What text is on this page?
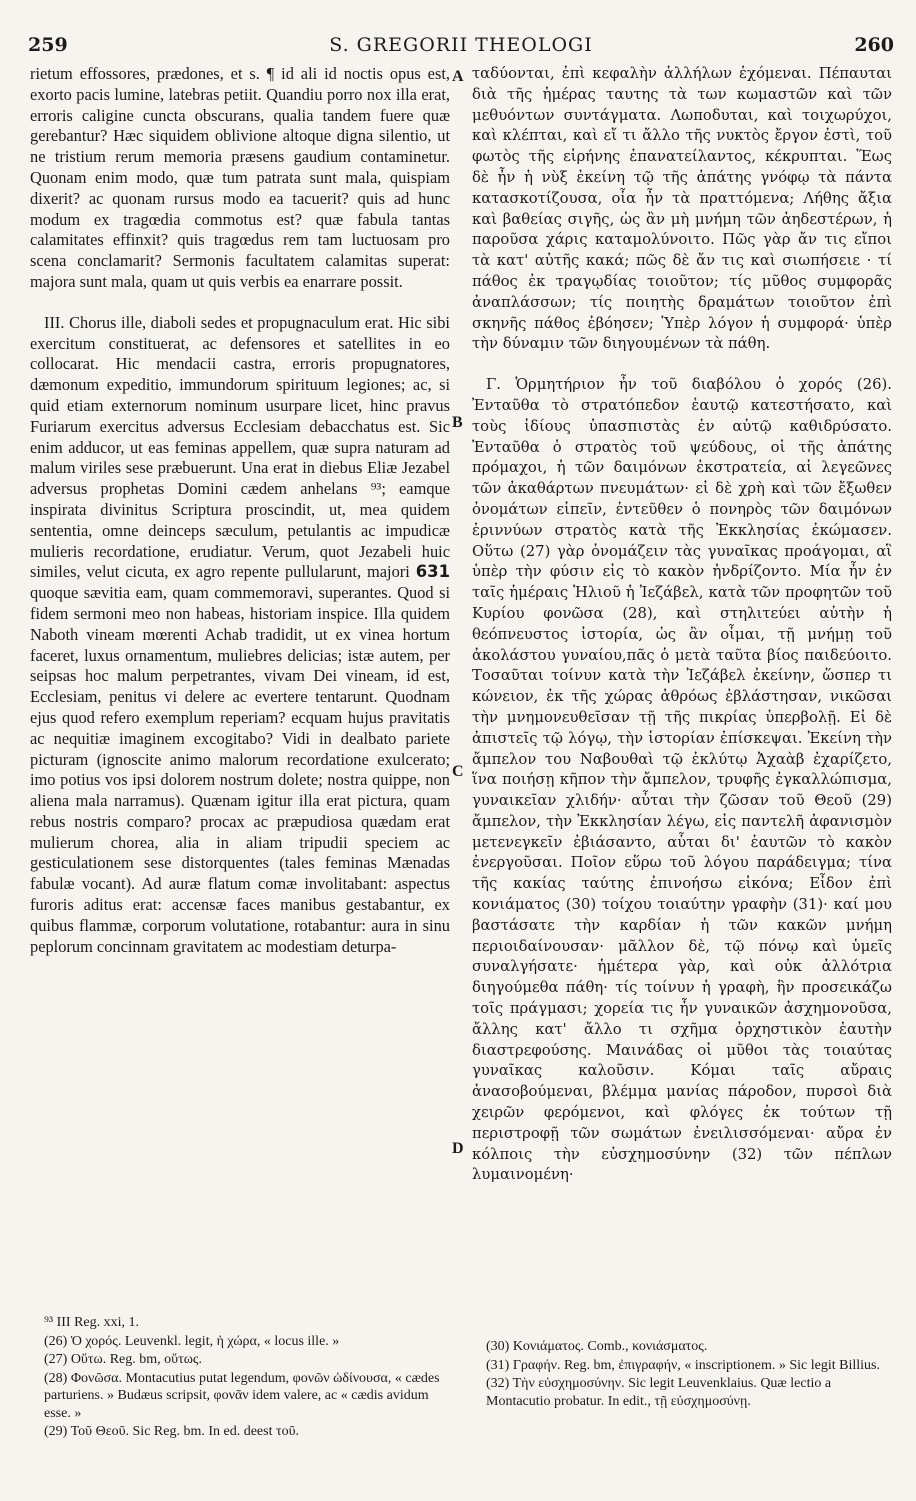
259	S. GREGORII THEOLOGI	260

rietum effossores, prædones, et s. ¶ id ali id noctis opus est, exorto pacis lumine, latebras petiit. Quandiu porro nox illa erat, erroris caligine cuncta obscurans, qualia tandem fuere quæ gerebantur? Hæc siquidem oblivione altoque digna silentio, ut ne tristium rerum memoria præsens gaudium contaminetur. Quonam enim modo, quæ tum patrata sunt mala, quispiam dixerit? ac quonam rursus modo ea tacuerit? quis ad hunc modum ex tragœdia commotus est? quæ fabula tantas calamitates effinxit? quis tragœdus rem tam luctuosam pro scena conclamarit? Sermonis facultatem calamitas superat: majora sunt mala, quam ut quis verbis ea enarrare possit.

III. Chorus ille, diaboli sedes et propugnaculum erat. Hic sibi exercitum constituerat, ac defensores et satellites in eo collocarat. Hic mendacii castra, erroris propugnatores, dæmonum expeditio, immundorum spirituum legiones; ac, si quid etiam externorum nominum usurpare licet, hinc pravus Furiarum exercitus adversus Ecclesiam debacchatus est. Sic enim adducor, ut eas feminas appellem, quæ supra naturam ad malum viriles sese præbuerunt. Una erat in diebus Eliæ Jezabel adversus prophetas Domini cædem anhelans ⁹³; eamque inspirata divinitus Scriptura proscindit, ut, mea quidem sententia, omne deinceps sæculum, petulantis ac impudicæ mulieris recordatione, erudiatur. Verum, quot Jezabeli huic similes, velut cicuta, ex agro repente pullularunt, majori 631 quoque sævitia eam, quam commemoravi, superantes. Quod si fidem sermoni meo non habeas, historiam inspice. Illa quidem Naboth vineam mœrenti Achab tradidit, ut ex vinea hortum faceret, luxus ornamentum, muliebres delicias; istæ autem, per seipsas hoc malum perpetrantes, vivam Dei vineam, id est, Ecclesiam, penitus vi delere ac evertere tentarunt. Quodnam ejus quod refero exemplum reperiam? ecquam hujus pravitatis ac nequitiæ imaginem excogitabo? Vidi in dealbato pariete picturam (ignoscite animo malorum recordatione exulcerato; imo potius vos ipsi dolorem nostrum dolete; nostra quippe, non aliena mala narramus). Quænam igitur illa erat pictura, quam rebus nostris comparo? procax ac præpudiosa quædam erat mulierum chorea, alia in aliam tripudii speciem ac gesticulationem sese distorquentes (tales feminas Mænadas fabulæ vocant). Ad auræ flatum comæ involitabant: aspectus furoris aditus erat: accensæ faces manibus gestabantur, ex quibus flammæ, corporum volutatione, rotabantur: aura in sinu peplorum concinnam gravitatem ac modestiam deturpa-

A
B
C
D

ταδύονται, ἐπὶ κεφαλὴν ἀλλήλων ἐχόμεναι. Πέπαυται διὰ τῆς ἡμέρας ταυτης τὰ των κωμαστῶν καὶ τῶν μεθυόντων συντάγματα. Λωποδυται, καὶ τοιχωρύχοι, καὶ κλέπται, καὶ εἴ τι ἄλλο τῆς νυκτὸς ἔργον ἐστὶ, τοῦ φωτὸς τῆς εἰρήνης ἐπανατείλαντος, κέκρυπται. Ἕως δὲ ἦν ἡ νὺξ ἐκείνη τῷ τῆς ἀπάτης γνόφῳ τὰ πάντα κατασκοτίζουσα, οἷα ἦν τὰ πραττόμενα; Λήθης ἄξια καὶ βαθείας σιγῆς, ὡς ἂν μὴ μνήμη τῶν ἀηδεστέρων, ἡ παροῦσα χάρις καταμολύνοιτο. Πῶς γὰρ ἄν τις εἴποι τὰ κατ' αὐτῆς κακά; πῶς δὲ ἄν τις καὶ σιωπήσειε · τί πάθος ἐκ τραγῳδίας τοιοῦτον; τίς μῦθος συμφορᾶς ἀναπλάσσων; τίς ποιητὴς δραμάτων τοιοῦτον ἐπὶ σκηνῆς πάθος ἐβόησεν; Ὑπὲρ λόγον ἡ συμφορά· ὑπὲρ τὴν δύναμιν τῶν διηγουμένων τὰ πάθη.

Γ. Ὁρμητήριον ἦν τοῦ διαβόλου ὁ χορός (26). Ἐνταῦθα τὸ στρατόπεδον ἑαυτῷ κατεστήσατο, καὶ τοὺς ἰδίους ὑπασπιστὰς ἐν αὐτῷ καθιδρύσατο. Ἐνταῦθα ὁ στρατὸς τοῦ ψεύδους, οἱ τῆς ἀπάτης πρόμαχοι, ἡ τῶν δαιμόνων ἐκστρατεία, αἱ λεγεῶνες τῶν ἀκαθάρτων πνευμάτων· εἰ δὲ χρὴ καὶ τῶν ἔξωθεν ὀνομάτων εἰπεῖν, ἐντεῦθεν ὁ πονηρὸς τῶν δαιμόνων ἐριννύων στρατὸς κατὰ τῆς Ἐκκλησίας ἐκώμασεν. Οὕτω (27) γὰρ ὀνομάζειν τὰς γυναῖκας προάγομαι, αἳ ὑπὲρ τὴν φύσιν εἰς τὸ κακὸν ἠνδρίζοντο. Μία ἦν ἐν ταῖς ἡμέραις Ἡλιοῦ ἡ Ἰεζάβελ, κατὰ τῶν προφητῶν τοῦ Κυρίου φονῶσα (28), καὶ στηλιτεύει αὐτὴν ἡ θεόπνευστος ἱστορία, ὡς ἂν οἶμαι, τῇ μνήμῃ τοῦ ἀκολάστου γυναίου,πᾶς ὁ μετὰ ταῦτα βίος παιδεύοιτο. Τοσαῦται τοίνυν κατὰ τὴν Ἰεζάβελ ἐκείνην, ὥσπερ τι κώνειον, ἐκ τῆς χώρας ἀθρόως ἐβλάστησαν, νικῶσαι τὴν μνημονευθεῖσαν τῇ τῆς πικρίας ὑπερβολῇ. Εἰ δὲ ἀπιστεῖς τῷ λόγῳ, τὴν ἱστορίαν ἐπίσκεψαι. Ἐκείνη τὴν ἄμπελον του Ναβουθαὶ τῷ ἐκλύτῳ Ἀχαὰβ ἐχαρίζετο, ἵνα ποιήσῃ κῆπον τὴν ἄμπελον, τρυφῆς ἐγκαλλώπισμα, γυναικεῖαν χλιδήν· αὗται τὴν ζῶσαν τοῦ Θεοῦ (29) ἄμπελον, τὴν Ἐκκλησίαν λέγω, εἰς παντελῆ ἀφανισμὸν μετενεγκεῖν ἐβιάσαντο, αὗται δι' ἑαυτῶν τὸ κακὸν ἐνεργοῦσαι. Ποῖον εὕρω τοῦ λόγου παράδειγμα; τίνα τῆς κακίας ταύτης ἐπινοήσω εἰκόνα; Εἶδον ἐπὶ κονιάματος (30) τοίχου τοιαύτην γραφὴν (31)· καί μου βαστάσατε τὴν καρδίαν ἡ τῶν κακῶν μνήμη περιοιδαίνουσαν· μᾶλλον δὲ, τῷ πόνῳ καὶ ὑμεῖς συναλγήσατε· ἡμέτερα γὰρ, καὶ οὐκ ἀλλότρια διηγούμεθα πάθη· τίς τοίνυν ἡ γραφὴ, ἣν προσεικάζω τοῖς πράγμασι; χορεία τις ἦν γυναικῶν ἀσχημονοῦσα, ἄλλης κατ' ἄλλο τι σχῆμα ὀρχηστικὸν ἑαυτὴν διαστρεφούσης. Μαινάδας οἱ μῦθοι τὰς τοιαύτας γυναῖκας καλοῦσιν. Κόμαι ταῖς αὔραις ἀνασοβούμεναι, βλέμμα μανίας πάροδον, πυρσοὶ διὰ χειρῶν φερόμενοι, καὶ φλόγες ἐκ τούτων τῇ περιστροφῇ τῶν σωμάτων ἐνειλισσόμεναι· αὔρα ἐν κόλποις τὴν εὐσχημοσύνην (32) τῶν πέπλων λυμαινομένη·

⁹³ III Reg. xxi, 1.
(26) Ὁ χορός. Leuvenkl. legit, ἡ χώρα, « locus ille. »
(27) Οὕτω. Reg. bm, οὕτως.
(28) Φονῶσα. Montacutius putat legendum, φονῶν ὠδίνουσα, « cædes parturiens. » Budæus scripsit, φονᾶν idem valere, ac « cædis avidum esse. »
(29) Τοῦ Θεοῦ. Sic Reg. bm. In ed. deest τοῦ.
(30) Κονιάματος. Comb., κονιάσματος.
(31) Γραφήν. Reg. bm, ἐπιγραφήν, « inscriptionem. » Sic legit Billius.
(32) Τὴν εὐσχημοσύνην. Sic legit Leuvenklaius. Quæ lectio a Montacutio probatur. In edit., τῇ εὐσχημοσύνῃ.
